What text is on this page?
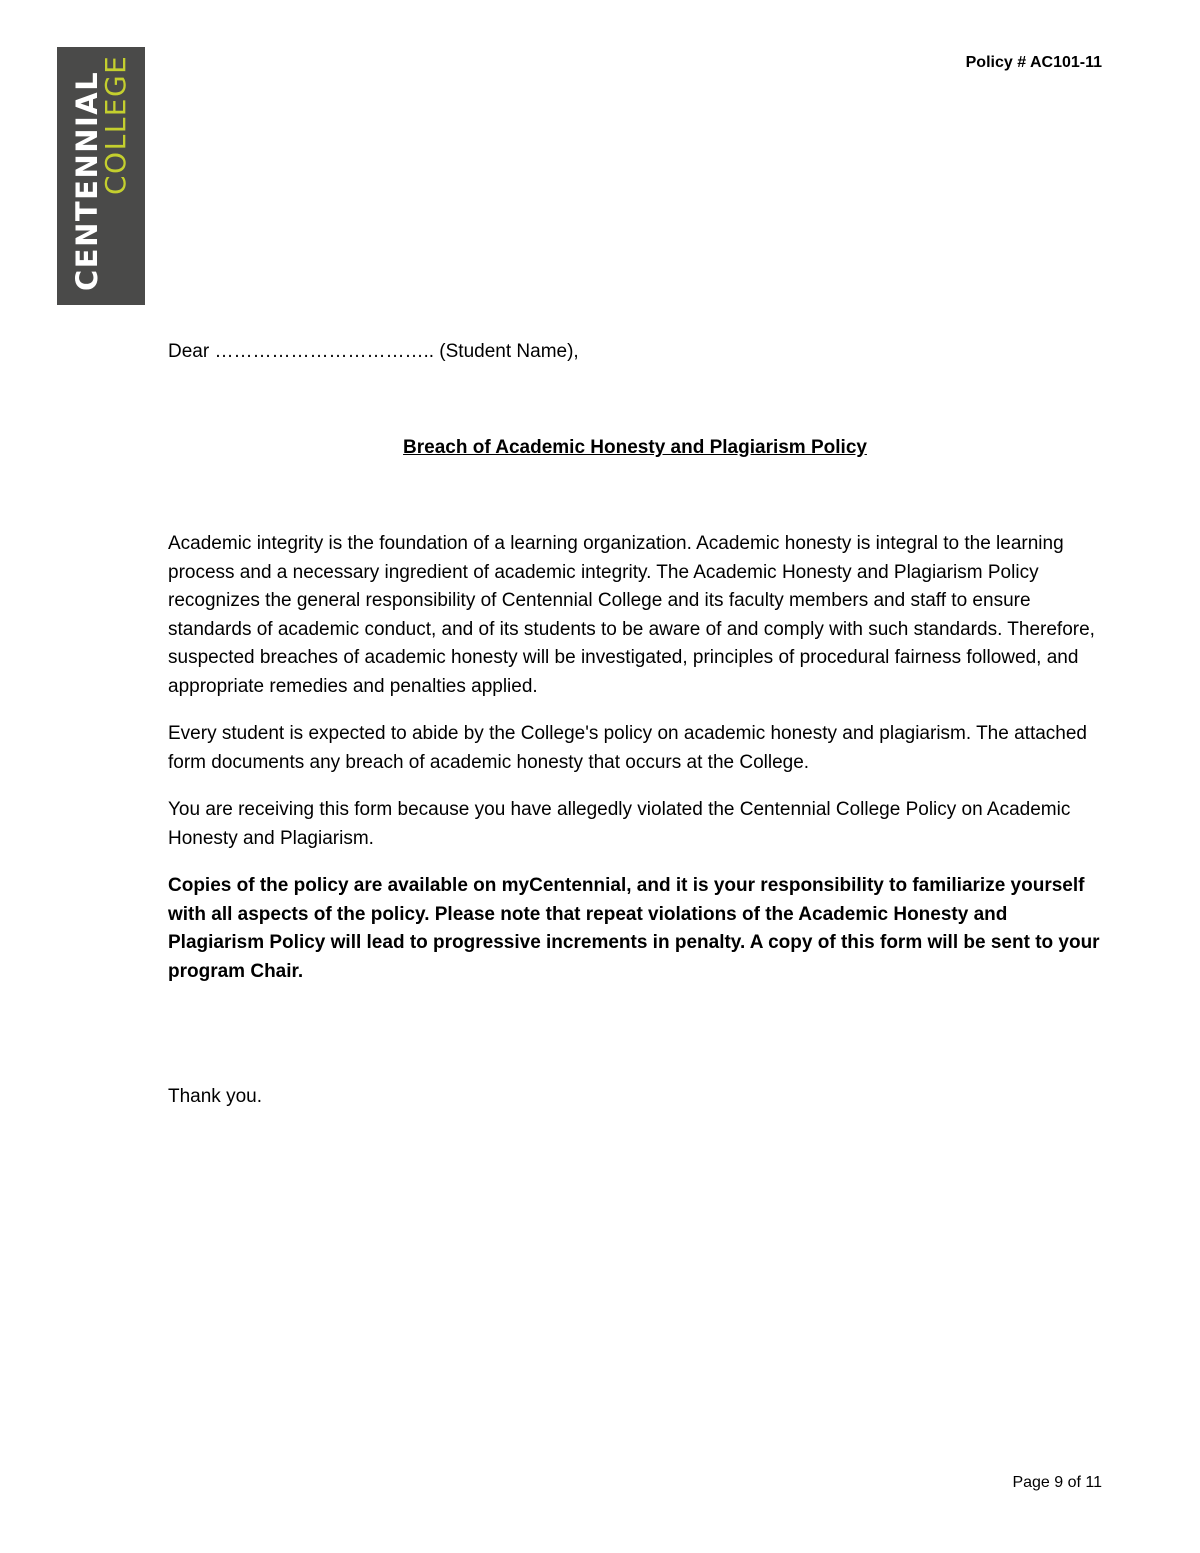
CENTENNIAL
COLLEGE	Policy # AC101-11
Dear …………………………….. (Student Name),
Breach of Academic Honesty and Plagiarism Policy

Academic integrity is the foundation of a learning organization. Academic honesty is integral to the learning process and a necessary ingredient of academic integrity. The Academic Honesty and Plagiarism Policy recognizes the general responsibility of Centennial College and its faculty members and staff to ensure standards of academic conduct, and of its students to be aware of and comply with such standards. Therefore, suspected breaches of academic honesty will be investigated, principles of procedural fairness followed, and appropriate remedies and penalties applied.

Every student is expected to abide by the College's policy on academic honesty and plagiarism. The attached form documents any breach of academic honesty that occurs at the College.

You are receiving this form because you have allegedly violated the Centennial College Policy on Academic Honesty and Plagiarism.

Copies of the policy are available on myCentennial, and it is your responsibility to familiarize yourself with all aspects of the policy. Please note that repeat violations of the Academic Honesty and Plagiarism Policy will lead to progressive increments in penalty. A copy of this form will be sent to your program Chair.

Thank you.
Page 9 of 11
